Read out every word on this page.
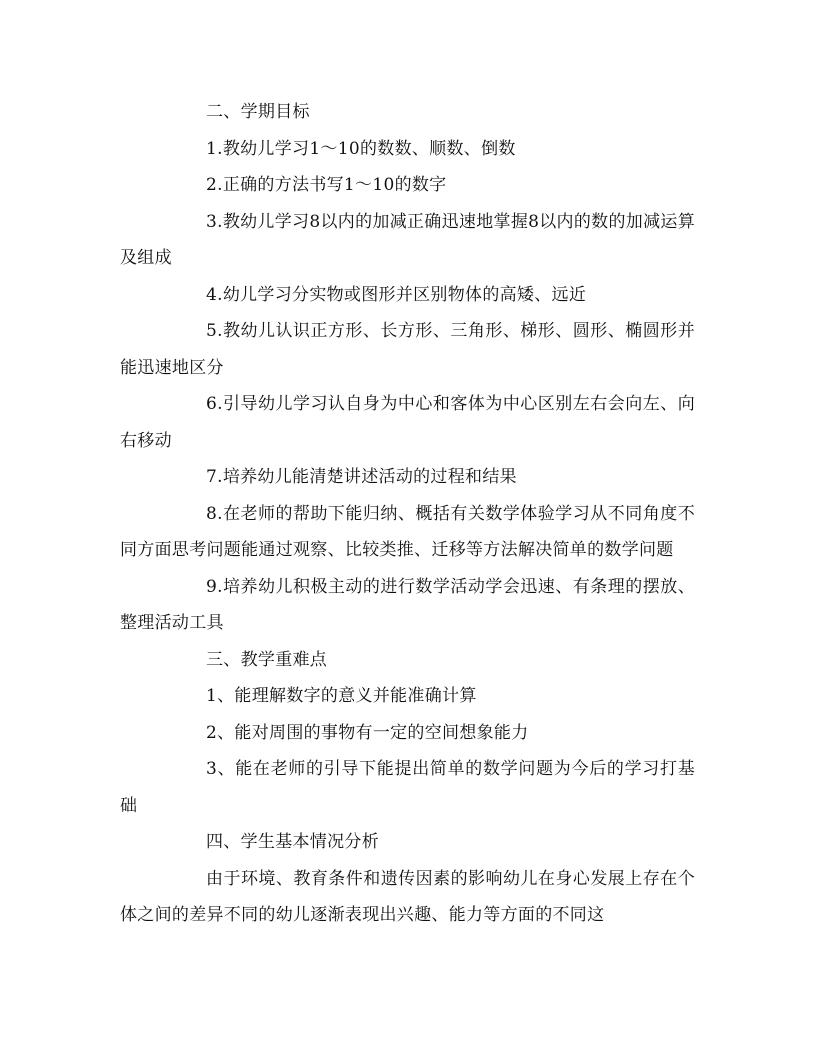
二、学期目标

1.教幼儿学习1～10的数数、顺数、倒数

2.正确的方法书写1～10的数字

3.教幼儿学习8以内的加减正确迅速地掌握8以内的数的加减运算及组成

4.幼儿学习分实物或图形并区别物体的高矮、远近

5.教幼儿认识正方形、长方形、三角形、梯形、圆形、椭圆形并能迅速地区分

6.引导幼儿学习认自身为中心和客体为中心区别左右会向左、向右移动

7.培养幼儿能清楚讲述活动的过程和结果

8.在老师的帮助下能归纳、概括有关数学体验学习从不同角度不同方面思考问题能通过观察、比较类推、迁移等方法解决简单的数学问题

9.培养幼儿积极主动的进行数学活动学会迅速、有条理的摆放、整理活动工具

三、教学重难点

1、能理解数字的意义并能准确计算

2、能对周围的事物有一定的空间想象能力

3、能在老师的引导下能提出简单的数学问题为今后的学习打基础

四、学生基本情况分析

由于环境、教育条件和遗传因素的影响幼儿在身心发展上存在个体之间的差异不同的幼儿逐渐表现出兴趣、能力等方面的不同这
